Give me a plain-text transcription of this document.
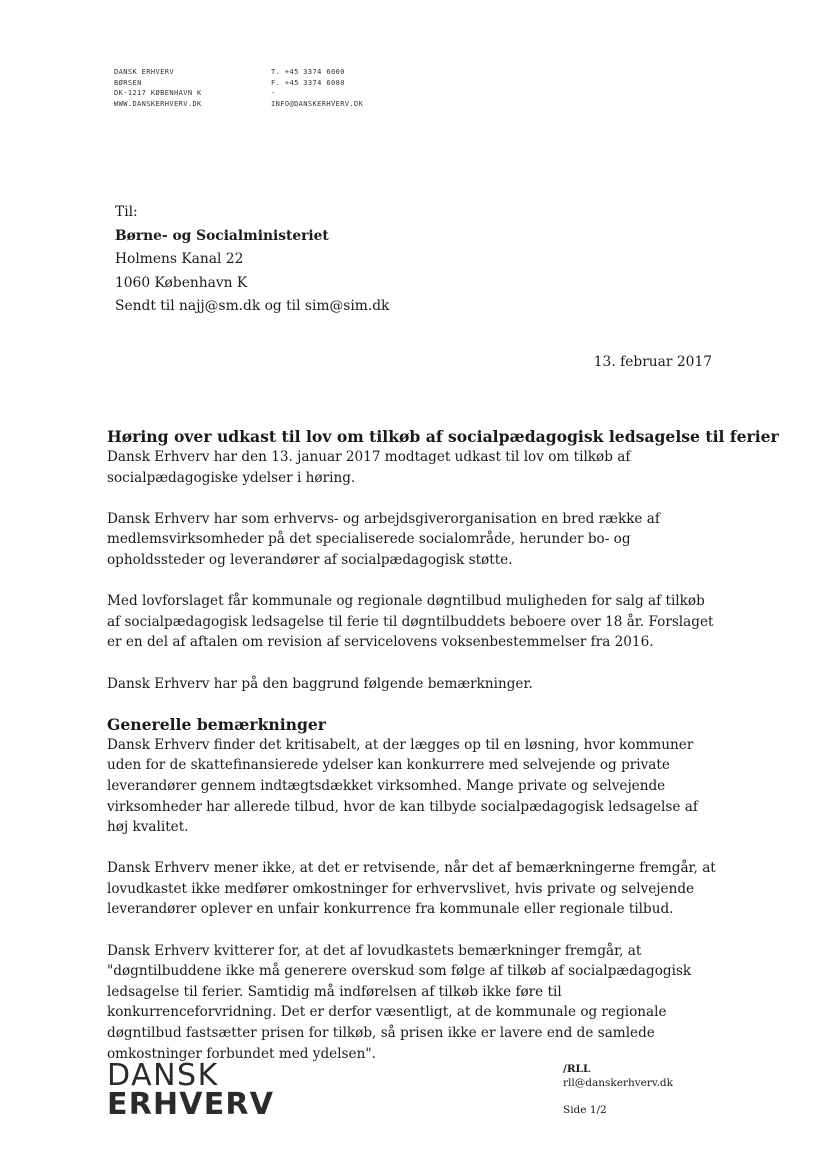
DANSK ERHVERV
BØRSEN
DK-1217 KØBENHAVN K
WWW.DANSKERHVERV.DK
T. +45 3374 6000
F. +45 3374 6080
-
INFO@DANSKERHVERV.DK
Til:
Børne- og Socialministeriet
Holmens Kanal 22
1060 København K
Sendt til najj@sm.dk og til sim@sim.dk
13. februar 2017
Høring over udkast til lov om tilkøb af socialpædagogisk ledsagelse til ferier

Dansk Erhverv har den 13. januar 2017 modtaget udkast til lov om tilkøb af socialpædagogiske ydelser i høring.

Dansk Erhverv har som erhvervs- og arbejdsgiverorganisation en bred række af medlemsvirksomheder på det specialiserede socialområde, herunder bo- og opholdssteder og leverandører af socialpædagogisk støtte.

Med lovforslaget får kommunale og regionale døgntilbud muligheden for salg af tilkøb af socialpædagogisk ledsagelse til ferie til døgntilbuddets beboere over 18 år. Forslaget er en del af aftalen om revision af servicelovens voksenbestemmelser fra 2016.

Dansk Erhverv har på den baggrund følgende bemærkninger.

Generelle bemærkninger

Dansk Erhverv finder det kritisabelt, at der lægges op til en løsning, hvor kommuner uden for de skattefinansierede ydelser kan konkurrere med selvejende og private leverandører gennem indtægtsdækket virksomhed. Mange private og selvejende virksomheder har allerede tilbud, hvor de kan tilbyde socialpædagogisk ledsagelse af høj kvalitet.

Dansk Erhverv mener ikke, at det er retvisende, når det af bemærkningerne fremgår, at lovudkastet ikke medfører omkostninger for erhvervslivet, hvis private og selvejende leverandører oplever en unfair konkurrence fra kommunale eller regionale tilbud.

Dansk Erhverv kvitterer for, at det af lovudkastets bemærkninger fremgår, at "døgntilbuddene ikke må generere overskud som følge af tilkøb af socialpædagogisk ledsagelse til ferier. Samtidig må indførelsen af tilkøb ikke føre til konkurrenceforvridning. Det er derfor væsentligt, at de kommunale og regionale døgntilbud fastsætter prisen for tilkøb, så prisen ikke er lavere end de samlede omkostninger forbundet med ydelsen".

DANSK
ERHVERV
/RLL
rll@danskerhverv.dk
Side 1/2
